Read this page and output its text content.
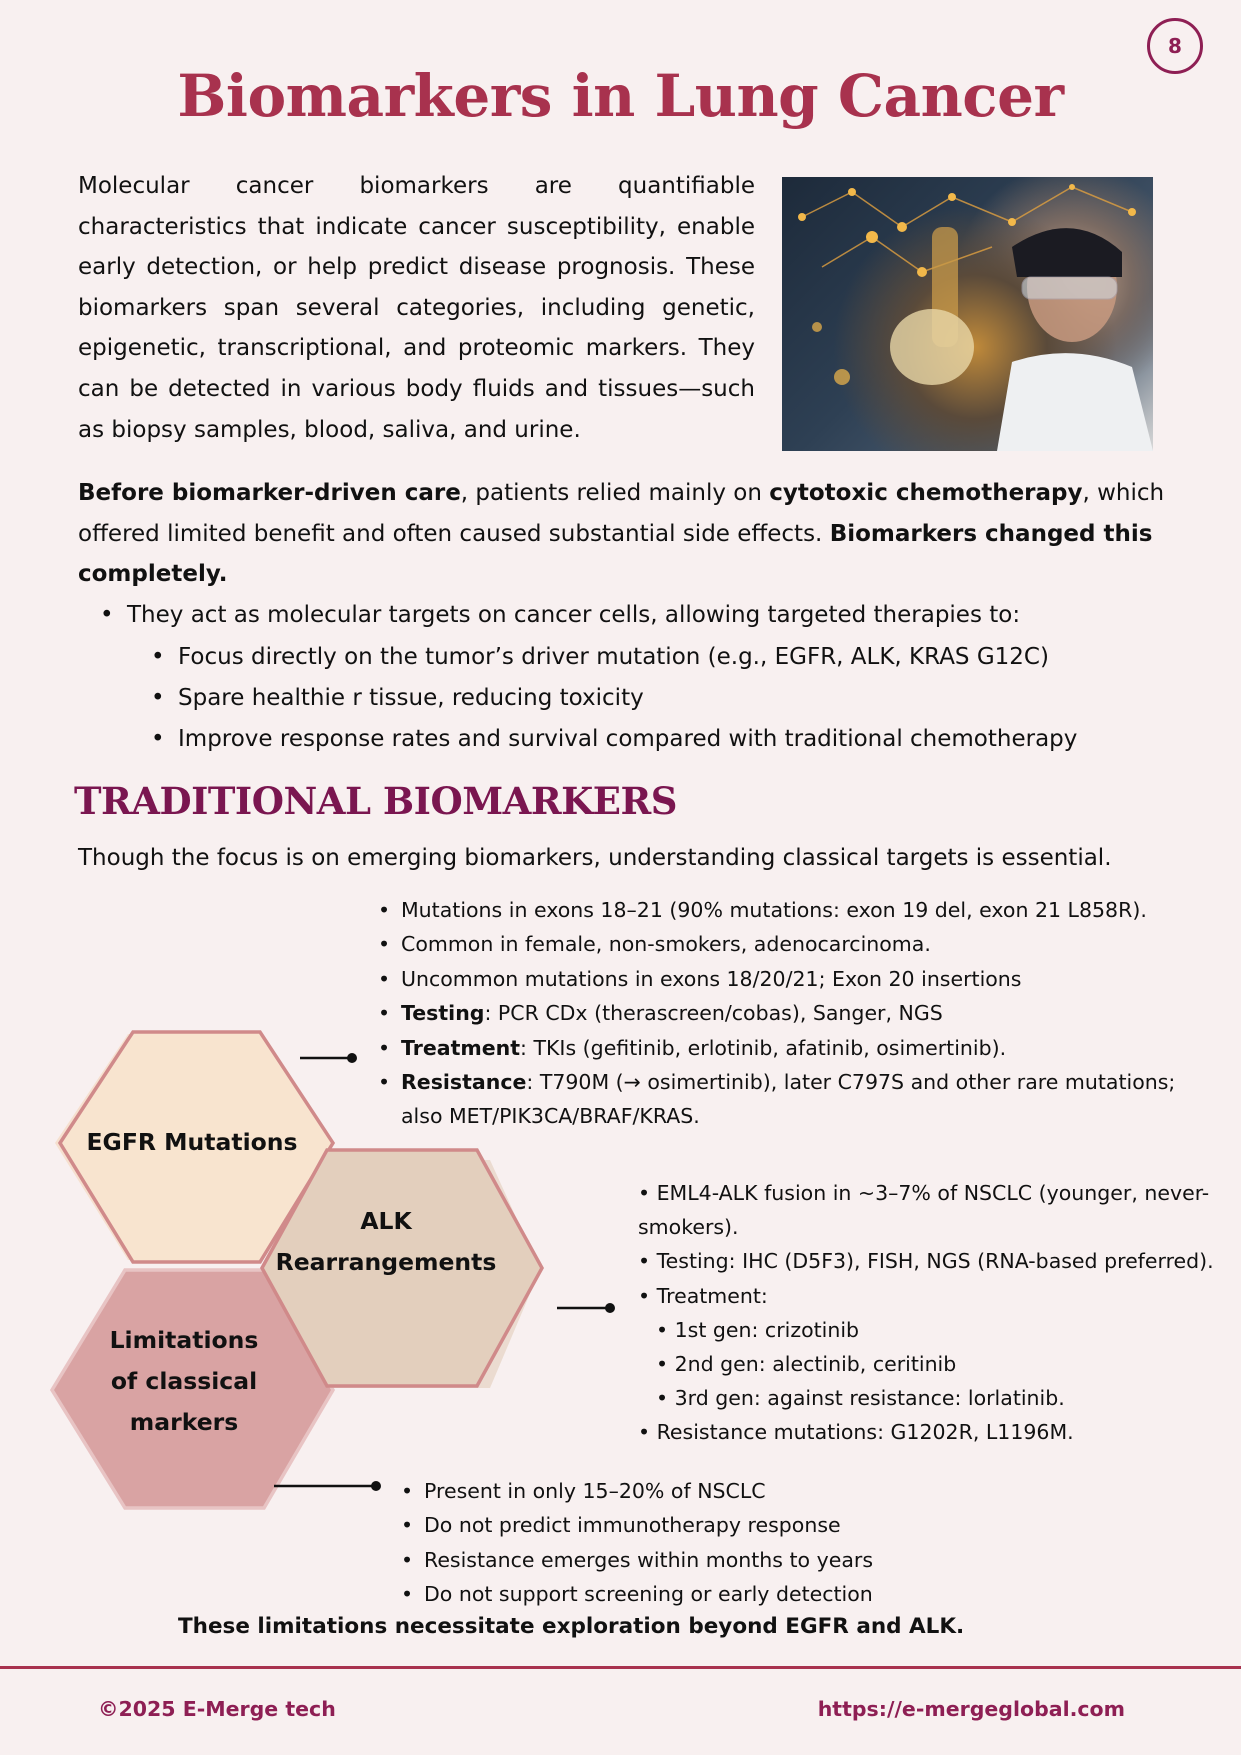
8
Biomarkers in Lung Cancer

Molecular cancer biomarkers are quantifiable characteristics that indicate cancer susceptibility, enable early detection, or help predict disease prognosis. These biomarkers span several categories, including genetic, epigenetic, transcriptional, and proteomic markers. They can be detected in various body fluids and tissues—such as biopsy samples, blood, saliva, and urine.

Before biomarker-driven care, patients relied mainly on cytotoxic chemotherapy, which offered limited benefit and often caused substantial side effects. Biomarkers changed this completely.

• They act as molecular targets on cancer cells, allowing targeted therapies to:
• Focus directly on the tumor’s driver mutation (e.g., EGFR, ALK, KRAS G12C)
• Spare healthie r tissue, reducing toxicity
• Improve response rates and survival compared with traditional chemotherapy
TRADITIONAL BIOMARKERS

Though the focus is on emerging biomarkers, understanding classical targets is essential.

• Mutations in exons 18–21 (90% mutations: exon 19 del, exon 21 L858R).
• Common in female, non-smokers, adenocarcinoma.
• Uncommon mutations in exons 18/20/21; Exon 20 insertions
• Testing: PCR CDx (therascreen/cobas), Sanger, NGS
• Treatment: TKIs (gefitinib, erlotinib, afatinib, osimertinib).
• Resistance: T790M (→ osimertinib), later C797S and other rare mutations; also MET/PIK3CA/BRAF/KRAS.
EGFR Mutations
ALK
Rearrangements
Limitations
of classical
markers
• EML4-ALK fusion in ~3–7% of NSCLC (younger, never-smokers).
• Testing: IHC (D5F3), FISH, NGS (RNA-based preferred).
• Treatment:
• 1st gen: crizotinib
• 2nd gen: alectinib, ceritinib
• 3rd gen: against resistance: lorlatinib.
• Resistance mutations: G1202R, L1196M.
• Present in only 15–20% of NSCLC
• Do not predict immunotherapy response
• Resistance emerges within months to years
• Do not support screening or early detection

These limitations necessitate exploration beyond EGFR and ALK.

©2025 E-Merge tech	https://e-mergeglobal.com
